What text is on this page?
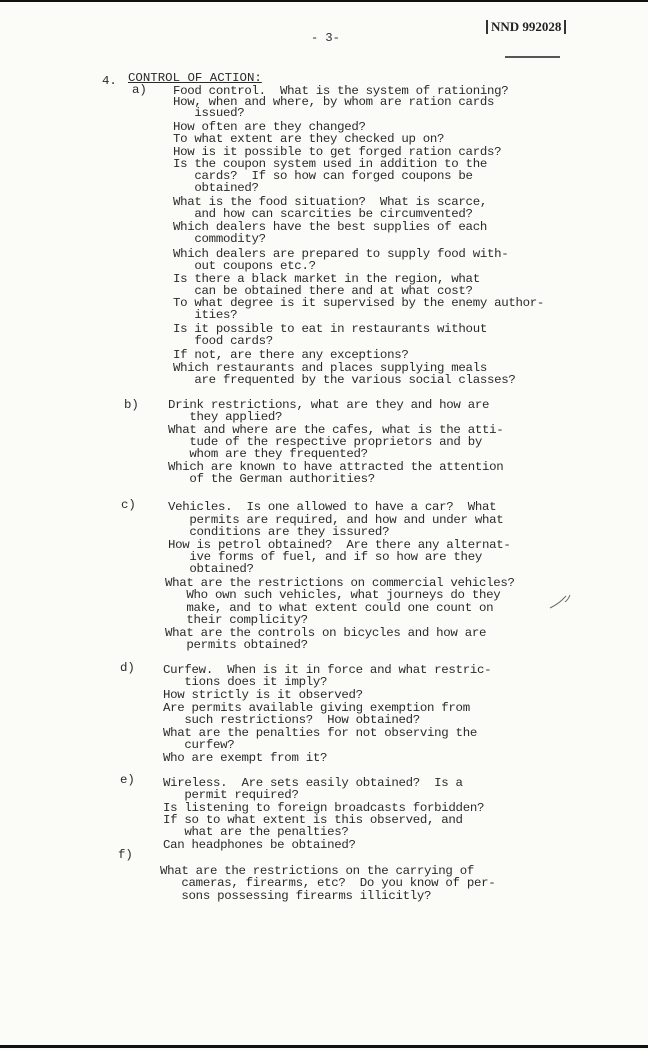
NND 992028
- 3-
4. CONTROL OF ACTION:
a) Food control.  What is the system of rationing?
How, when and where, by whom are ration cards
issued?
How often are they changed?
To what extent are they checked up on?
How is it possible to get forged ration cards?
Is the coupon system used in addition to the
cards?  If so how can forged coupons be
obtained?
What is the food situation?  What is scarce,
and how can scarcities be circumvented?
Which dealers have the best supplies of each
commodity?
Which dealers are prepared to supply food with-
out coupons etc.?
Is there a black market in the region, what
can be obtained there and at what cost?
To what degree is it supervised by the enemy author-
ities?
Is it possible to eat in restaurants without
food cards?
If not, are there any exceptions?
Which restaurants and places supplying meals
are frequented by the various social classes?
b) Drink restrictions, what are they and how are
they applied?
What and where are the cafes, what is the atti-
tude of the respective proprietors and by
whom are they frequented?
Which are known to have attracted the attention
of the German authorities?
c)	Vehicles.  Is one allowed to have a car?  What
permits are required, and how and under what
conditions are they issured?
How is petrol obtained?  Are there any alternat-
ive forms of fuel, and if so how are they
obtained?
What are the restrictions on commercial vehicles?
Who own such vehicles, what journeys do they
make, and to what extent could one count on
their complicity?
What are the controls on bicycles and how are
permits obtained?
d) Curfew.  When is it in force and what restric-
tions does it imply?
How strictly is it observed?
Are permits available giving exemption from
such restrictions?  How obtained?
What are the penalties for not observing the
curfew?
Who are exempt from it?
e) Wireless.  Are sets easily obtained?  Is a
permit required?
Is listening to foreign broadcasts forbidden?
If so to what extent is this observed, and
what are the penalties?
Can headphones be obtained?
f)
What are the restrictions on the carrying of
cameras, firearms, etc?  Do you know of per-
sons possessing firearms illicitly?
